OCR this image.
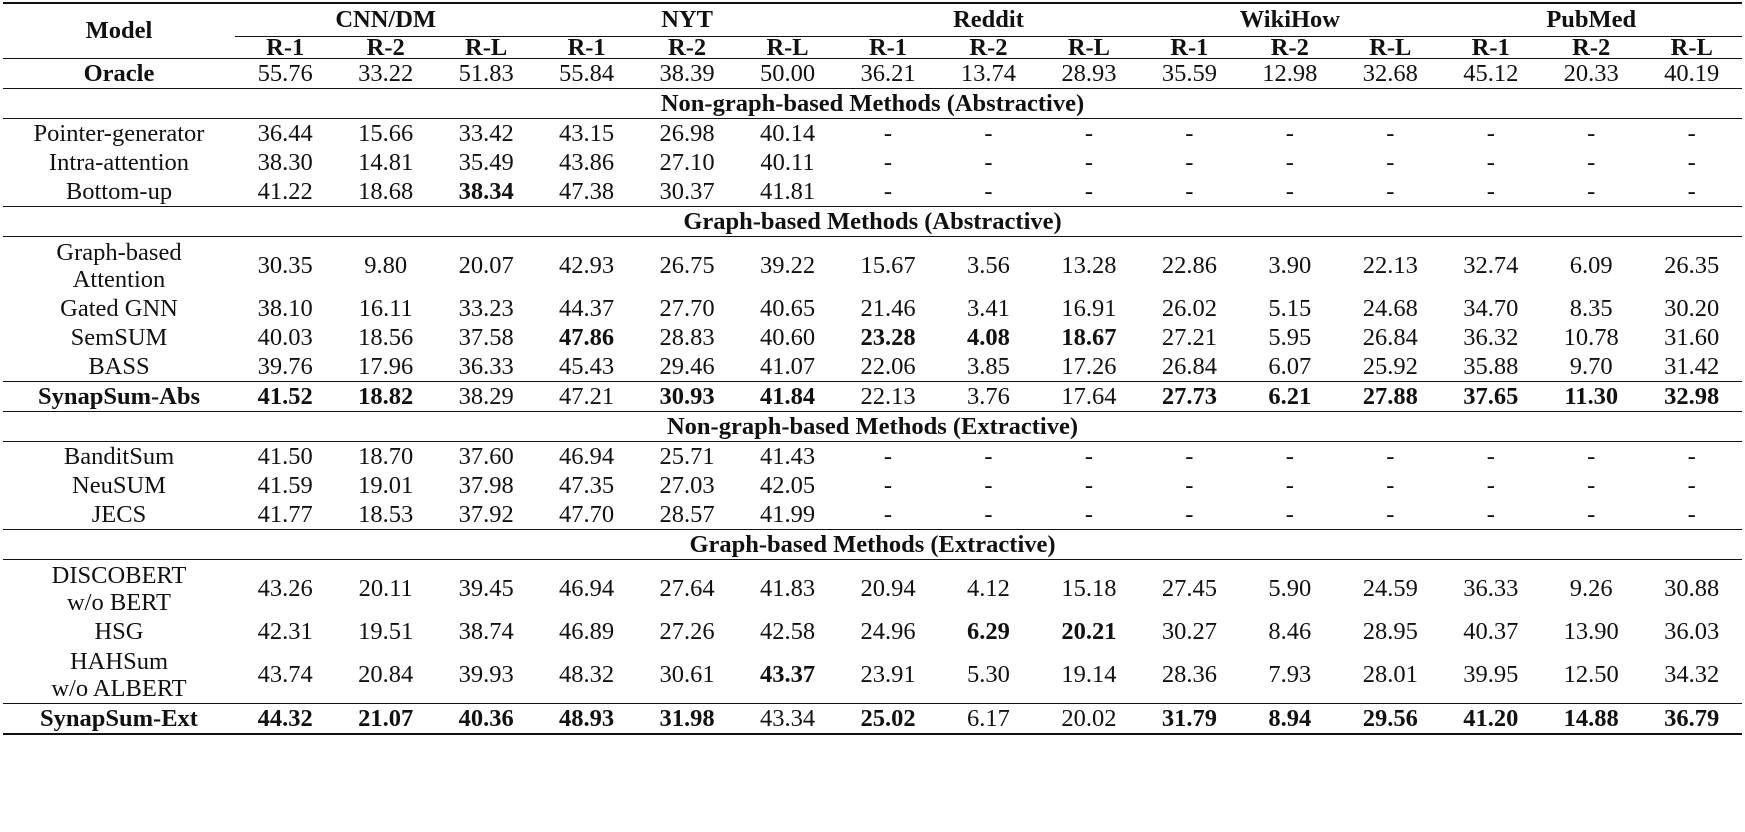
Model	CNN/DM			NYT			Reddit			WikiHow			PubMed		
	R-1	R-2	R-L	R-1	R-2	R-L	R-1	R-2	R-L	R-1	R-2	R-L	R-1	R-2	R-L
Oracle	55.76	33.22	51.83	55.84	38.39	50.00	36.21	13.74	28.93	35.59	12.98	32.68	45.12	20.33	40.19
Non-graph-based Methods (Abstractive)															
Pointer-generator	36.44	15.66	33.42	43.15	26.98	40.14	-	-	-	-	-	-	-	-	-
Intra-attention	38.30	14.81	35.49	43.86	27.10	40.11	-	-	-	-	-	-	-	-	-
Bottom-up	41.22	18.68	38.34	47.38	30.37	41.81	-	-	-	-	-	-	-	-	-
Graph-based Methods (Abstractive)															

Graph-based
Attention	30.35	9.80	20.07	42.93	26.75	39.22	15.67	3.56	13.28	22.86	3.90	22.13	32.74	6.09	26.35
Gated GNN	38.10	16.11	33.23	44.37	27.70	40.65	21.46	3.41	16.91	26.02	5.15	24.68	34.70	8.35	30.20
SemSUM	40.03	18.56	37.58	47.86	28.83	40.60	23.28	4.08	18.67	27.21	5.95	26.84	36.32	10.78	31.60
BASS	39.76	17.96	36.33	45.43	29.46	41.07	22.06	3.85	17.26	26.84	6.07	25.92	35.88	9.70	31.42
SynapSum-Abs	41.52	18.82	38.29	47.21	30.93	41.84	22.13	3.76	17.64	27.73	6.21	27.88	37.65	11.30	32.98
Non-graph-based Methods (Extractive)															
BanditSum	41.50	18.70	37.60	46.94	25.71	41.43	-	-	-	-	-	-	-	-	-
NeuSUM	41.59	19.01	37.98	47.35	27.03	42.05	-	-	-	-	-	-	-	-	-
JECS	41.77	18.53	37.92	47.70	28.57	41.99	-	-	-	-	-	-	-	-	-
Graph-based Methods (Extractive)															

DISCOBERT
w/o BERT	43.26	20.11	39.45	46.94	27.64	41.83	20.94	4.12	15.18	27.45	5.90	24.59	36.33	9.26	30.88
HSG	42.31	19.51	38.74	46.89	27.26	42.58	24.96	6.29	20.21	30.27	8.46	28.95	40.37	13.90	36.03

HAHSum
w/o ALBERT	43.74	20.84	39.93	48.32	30.61	43.37	23.91	5.30	19.14	28.36	7.93	28.01	39.95	12.50	34.32
SynapSum-Ext	44.32	21.07	40.36	48.93	31.98	43.34	25.02	6.17	20.02	31.79	8.94	29.56	41.20	14.88	36.79
